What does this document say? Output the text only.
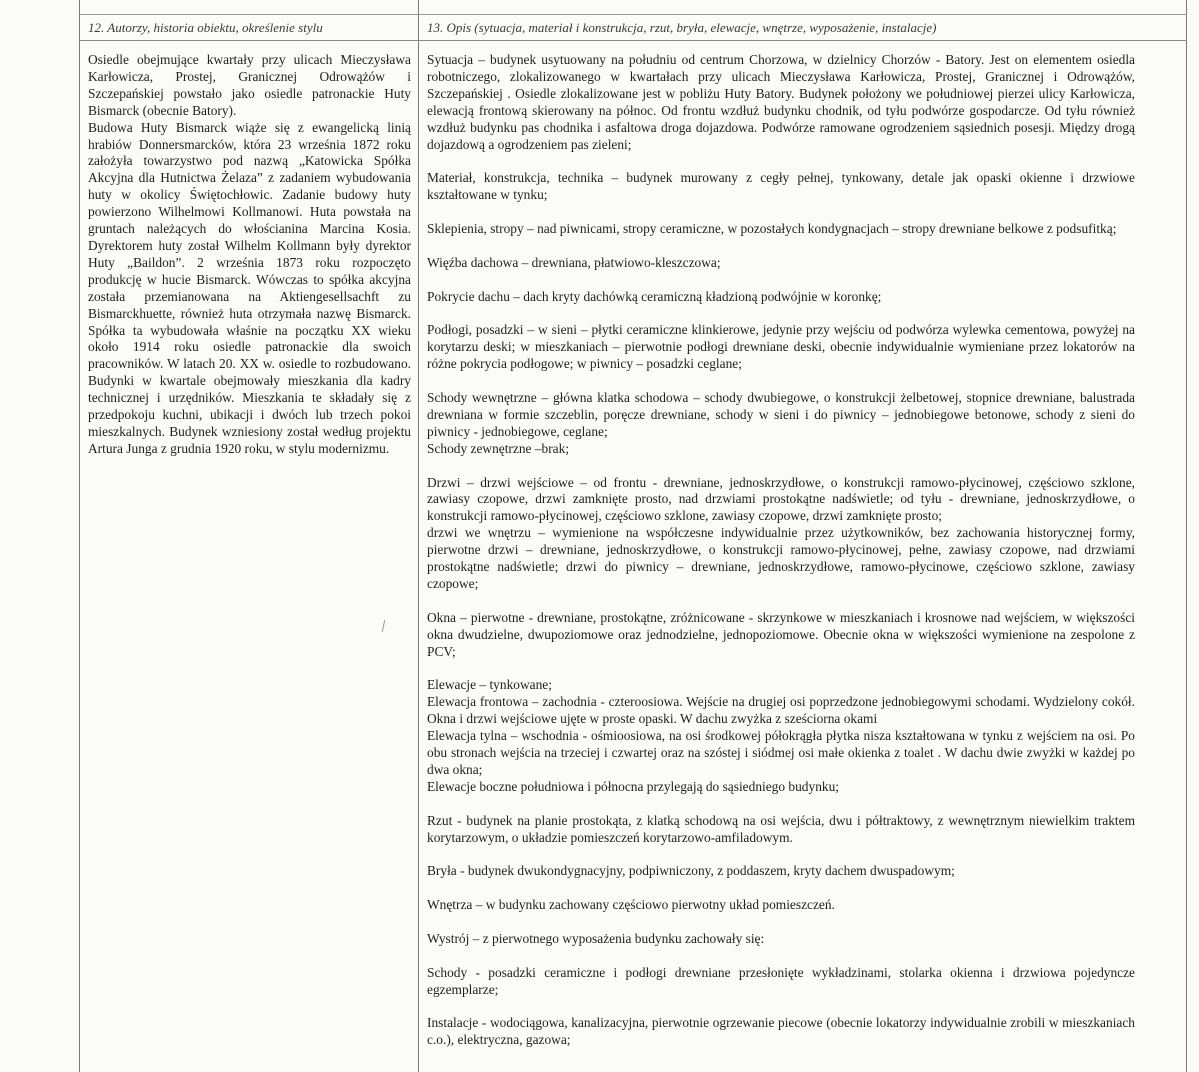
12. Autorzy, historia obiektu, określenie stylu	13. Opis (sytuacja, materiał i konstrukcja, rzut, bryła, elewacje, wnętrze, wyposażenie, instalacje)

Osiedle obejmujące kwartały przy ulicach Mieczysława Karłowicza, Prostej, Granicznej Odrowążów i Szczepańskiej powstało jako osiedle patronackie Huty Bismarck (obecnie Batory).

Budowa Huty Bismarck wiąże się z ewangelicką linią hrabiów Donnersmarcków, która 23 września 1872 roku założyła towarzystwo pod nazwą „Katowicka Spółka Akcyjna dla Hutnictwa Żelaza” z zadaniem wybudowania huty w okolicy Świętochłowic. Zadanie budowy huty powierzono Wilhelmowi Kollmanowi. Huta powstała na gruntach należących do włościanina Marcina Kosia. Dyrektorem huty został Wilhelm Kollmann były dyrektor Huty „Baildon”. 2 września 1873 roku rozpoczęto produkcję w hucie Bismarck. Wówczas to spółka akcyjna została przemianowana na Aktiengesellsachft zu Bismarckhuette, również huta otrzymała nazwę Bismarck. Spółka ta wybudowała właśnie na początku XX wieku około 1914 roku osiedle patronackie dla swoich pracowników. W latach 20. XX w. osiedle to rozbudowano. Budynki w kwartale obejmowały mieszkania dla kadry technicznej i urzędników. Mieszkania te składały się z przedpokoju kuchni, ubikacji i dwóch lub trzech pokoi mieszkalnych. Budynek wzniesiony został według projektu Artura Junga z grudnia 1920 roku, w stylu modernizmu.

Sytuacja – budynek usytuowany na południu od centrum Chorzowa, w dzielnicy Chorzów - Batory. Jest on elementem osiedla robotniczego, zlokalizowanego w kwartałach przy ulicach Mieczysława Karłowicza, Prostej, Granicznej i Odrowążów, Szczepańskiej . Osiedle zlokalizowane jest w pobliżu Huty Batory. Budynek położony we południowej pierzei ulicy Karłowicza, elewacją frontową skierowany na północ. Od frontu wzdłuż budynku chodnik, od tyłu podwórze gospodarcze. Od tyłu również wzdłuż budynku pas chodnika i asfaltowa droga dojazdowa. Podwórze ramowane ogrodzeniem sąsiednich posesji. Między drogą dojazdową a ogrodzeniem pas zieleni;

Materiał, konstrukcja, technika – budynek murowany z cegły pełnej, tynkowany, detale jak opaski okienne i drzwiowe kształtowane w tynku;

Sklepienia, stropy – nad piwnicami, stropy ceramiczne, w pozostałych kondygnacjach – stropy drewniane belkowe z podsufitką;

Więźba dachowa – drewniana, płatwiowo-kleszczowa;

Pokrycie dachu – dach kryty dachówką ceramiczną kładzioną podwójnie w koronkę;

Podłogi, posadzki – w sieni – płytki ceramiczne klinkierowe, jedynie przy wejściu od podwórza wylewka cementowa, powyżej na korytarzu deski; w mieszkaniach – pierwotnie podłogi drewniane deski, obecnie indywidualnie wymieniane przez lokatorów na różne pokrycia podłogowe; w piwnicy – posadzki ceglane;

Schody wewnętrzne – główna klatka schodowa – schody dwubiegowe, o konstrukcji żelbetowej, stopnice drewniane, balustrada drewniana w formie szczeblin, poręcze drewniane, schody w sieni i do piwnicy – jednobiegowe betonowe, schody z sieni do piwnicy - jednobiegowe, ceglane;

Schody zewnętrzne –brak;

Drzwi – drzwi wejściowe – od frontu - drewniane, jednoskrzydłowe, o konstrukcji ramowo-płycinowej, częściowo szklone, zawiasy czopowe, drzwi zamknięte prosto, nad drzwiami prostokątne nadświetle; od tyłu - drewniane, jednoskrzydłowe, o konstrukcji ramowo-płycinowej, częściowo szklone, zawiasy czopowe, drzwi zamknięte prosto;

drzwi we wnętrzu – wymienione na współczesne indywidualnie przez użytkowników, bez zachowania historycznej formy, pierwotne drzwi – drewniane, jednoskrzydłowe, o konstrukcji ramowo-płycinowej, pełne, zawiasy czopowe, nad drzwiami prostokątne nadświetle; drzwi do piwnicy – drewniane, jednoskrzydłowe, ramowo-płycinowe, częściowo szklone, zawiasy czopowe;

Okna – pierwotne - drewniane, prostokątne, zróżnicowane - skrzynkowe w mieszkaniach i krosnowe nad wejściem, w większości okna dwudzielne, dwupoziomowe oraz jednodzielne, jednopoziomowe. Obecnie okna w większości wymienione na zespolone z PCV;

Elewacje – tynkowane;

Elewacja frontowa – zachodnia - czteroosiowa. Wejście na drugiej osi poprzedzone jednobiegowymi schodami. Wydzielony cokół. Okna i drzwi wejściowe ujęte w proste opaski. W dachu zwyżka z sześciorna okami

Elewacja tylna – wschodnia - ośmioosiowa, na osi środkowej półokrągła płytka nisza kształtowana w tynku z wejściem na osi. Po obu stronach wejścia na trzeciej i czwartej oraz na szóstej i siódmej osi małe okienka z toalet . W dachu dwie zwyżki w każdej po dwa okna;

Elewacje boczne południowa i północna przylegają do sąsiedniego budynku;

Rzut - budynek na planie prostokąta, z klatką schodową na osi wejścia, dwu i półtraktowy, z wewnętrznym niewielkim traktem korytarzowym, o układzie pomieszczeń korytarzowo-amfiladowym.

Bryła - budynek dwukondygnacyjny, podpiwniczony, z poddaszem, kryty dachem dwuspadowym;

Wnętrza – w budynku zachowany częściowo pierwotny układ pomieszczeń.

Wystrój – z pierwotnego wyposażenia budynku zachowały się:

Schody - posadzki ceramiczne i podłogi drewniane przesłonięte wykładzinami, stolarka okienna i drzwiowa pojedyncze egzemplarze;

Instalacje - wodociągowa, kanalizacyjna, pierwotnie ogrzewanie piecowe (obecnie lokatorzy indywidualnie zrobili w mieszkaniach c.o.), elektryczna, gazowa;
